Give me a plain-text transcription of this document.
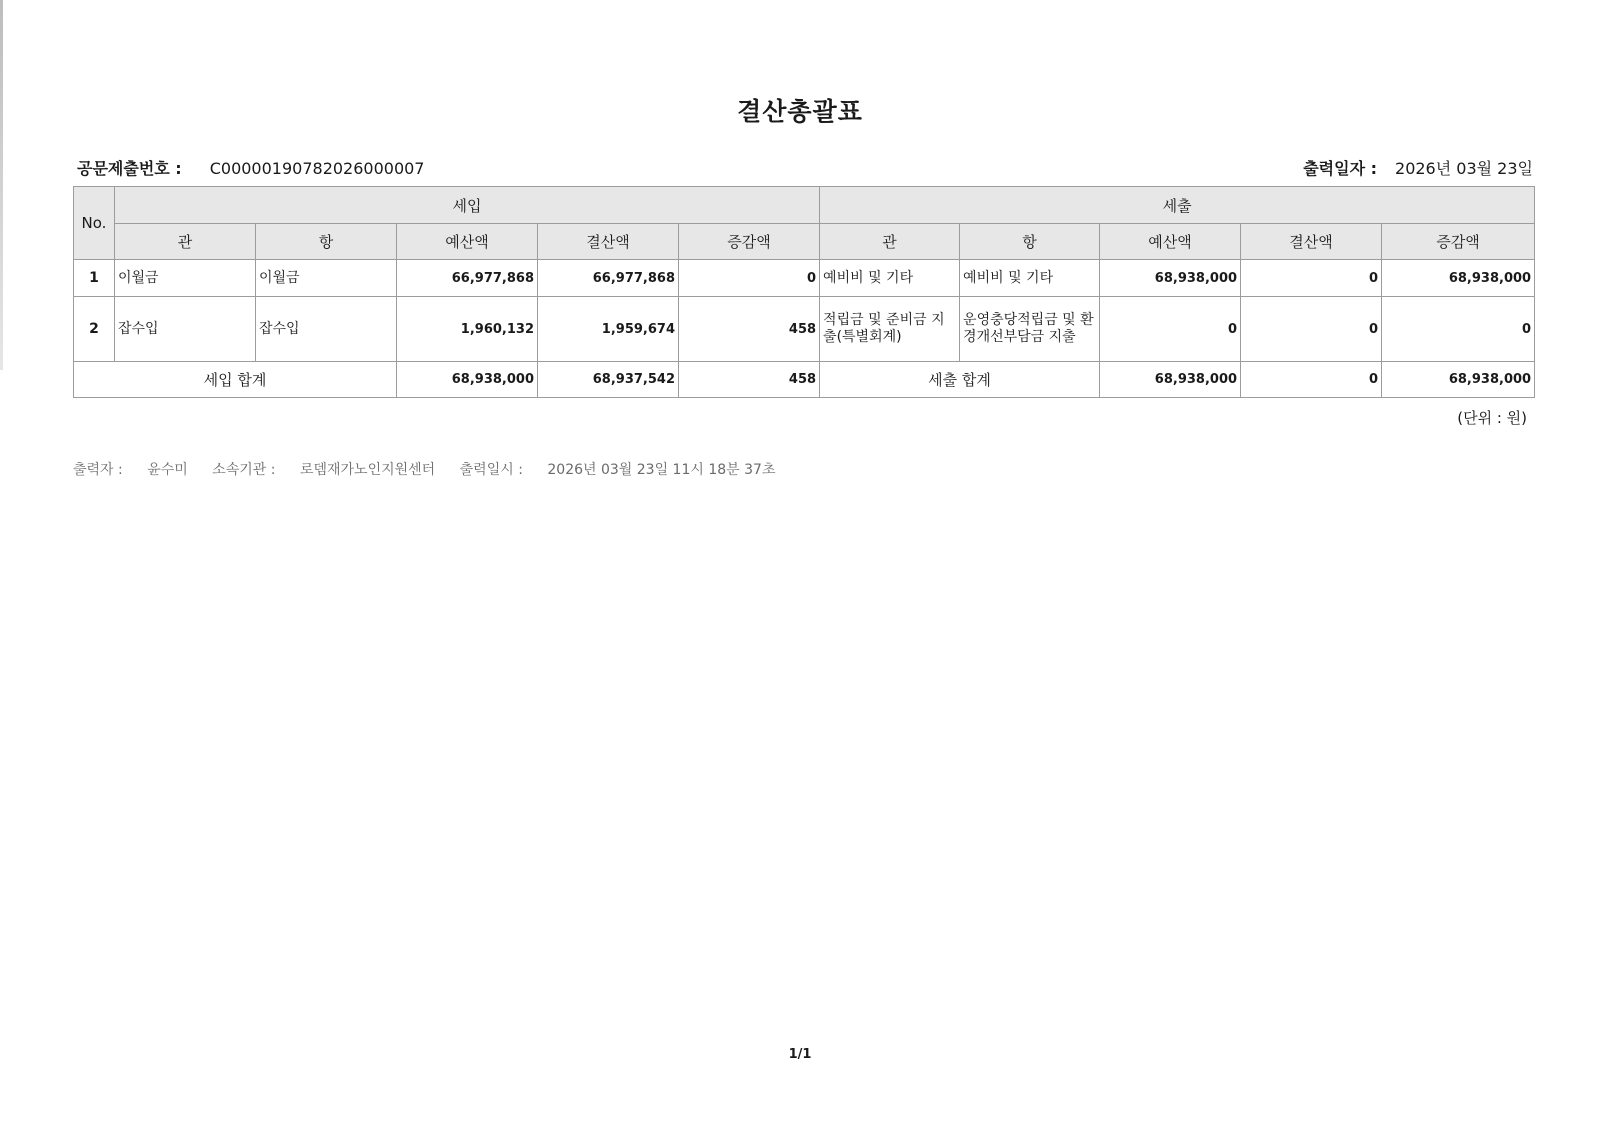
결산총괄표
공문제출번호 : C00000190782026000007	출력일자 : 2026년 03월 23일
No.	세입					세출				
	관	항	예산액	결산액	증감액	관	항	예산액	결산액	증감액
1	이월금	이월금	66,977,868	66,977,868	0	예비비 및 기타	예비비 및 기타	68,938,000	0	68,938,000
2	잡수입	잡수입	1,960,132	1,959,674	458	적립금 및 준비금 지출(특별회계)	운영충당적립금 및 환경개선부담금 지출	0	0	0
세입 합계			68,938,000	68,937,542	458	세출 합계		68,938,000	0	68,938,000
(단위 : 원)
출력자 : 윤수미 소속기관 : 로뎀재가노인지원센터 출력일시 : 2026년 03월 23일 11시 18분 37초
1/1
